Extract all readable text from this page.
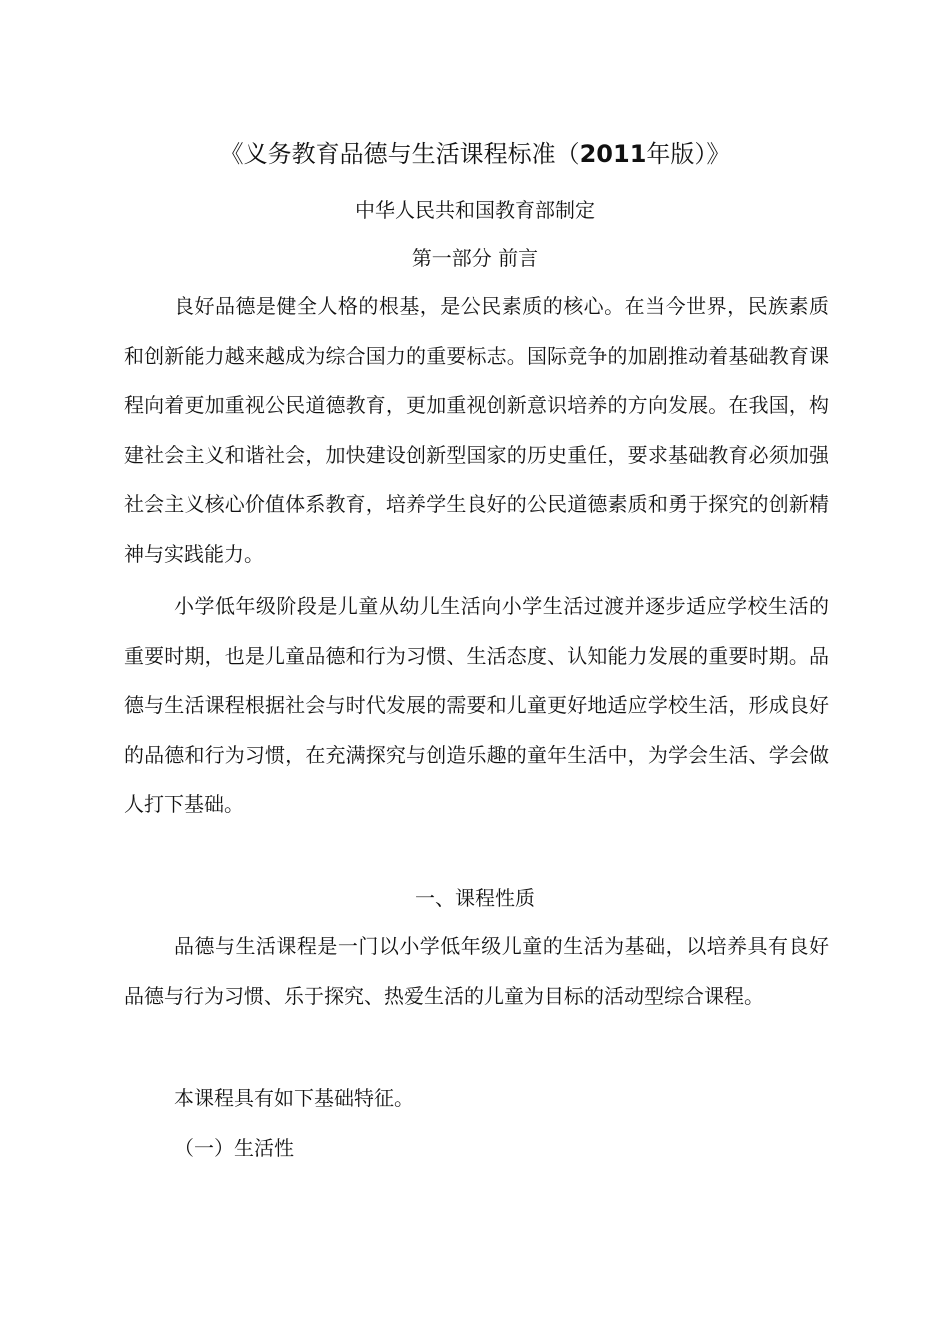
《义务教育品德与生活课程标准（2011年版）》
中华人民共和国教育部制定
第一部分 前言

良好品德是健全人格的根基，是公民素质的核心。在当今世界，民族素质和创新能力越来越成为综合国力的重要标志。国际竞争的加剧推动着基础教育课程向着更加重视公民道德教育，更加重视创新意识培养的方向发展。在我国，构建社会主义和谐社会，加快建设创新型国家的历史重任，要求基础教育必须加强社会主义核心价值体系教育，培养学生良好的公民道德素质和勇于探究的创新精神与实践能力。

小学低年级阶段是儿童从幼儿生活向小学生活过渡并逐步适应学校生活的重要时期，也是儿童品德和行为习惯、生活态度、认知能力发展的重要时期。品德与生活课程根据社会与时代发展的需要和儿童更好地适应学校生活，形成良好的品德和行为习惯，在充满探究与创造乐趣的童年生活中，为学会生活、学会做人打下基础。

一、课程性质

品德与生活课程是一门以小学低年级儿童的生活为基础，以培养具有良好品德与行为习惯、乐于探究、热爱生活的儿童为目标的活动型综合课程。

本课程具有如下基础特征。
（一）生活性
